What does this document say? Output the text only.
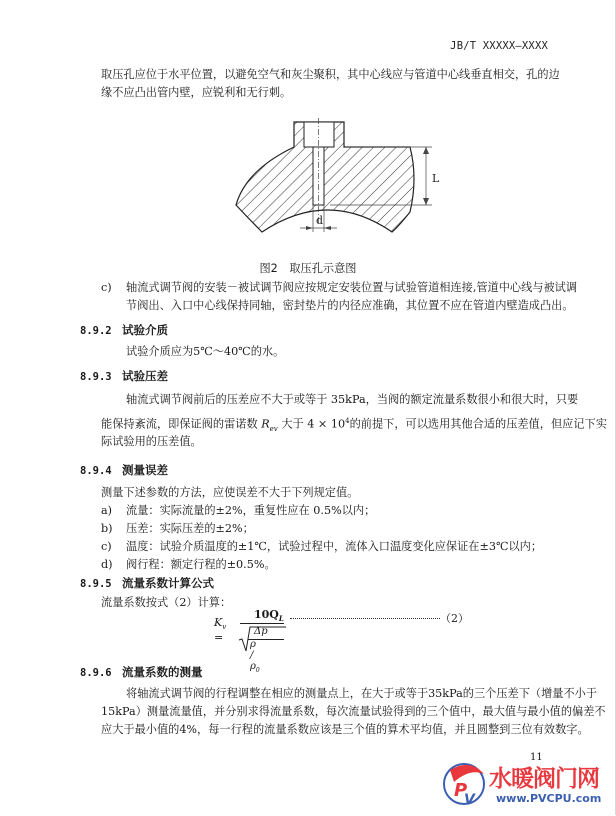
JB/T XXXXX—XXXX
取压孔应位于水平位置，以避免空气和灰尘聚积，其中心线应与管道中心线垂直相交，孔的边
缘不应凸出管内壁，应锐利和无行刺。
L
d
图2 取压孔示意图
c) 轴流式调节阀的安装－被试调节阀应按规定安装位置与试验管道相连接,管道中心线与被试调
节阀出、入口中心线保持同轴，密封垫片的内径应准确，其位置不应在管道内壁造成凸出。
8.9.2 试验介质
试验介质应为5℃～40℃的水。
8.9.3 试验压差
轴流式调节阀前后的压差应不大于或等于 35kPa，当阀的额定流量系数很小和很大时，只要
能保持紊流，即保证阀的雷诺数 $R_{ev}$ 大于 $4 \times 10^4$的前提下，可以选用其他合适的压差值，但应记下实
际试验用的压差值。
8.9.4 测量误差
测量下述参数的方法，应使误差不大于下列规定值。
a) 流量：实际流量的±2%，重复性应在 0.5%以内；
b) 压差：实际压差的±2%；
c) 温度：试验介质温度的±1℃，试验过程中，流体入口温度变化应保证在±3℃以内；
d) 阀行程：额定行程的±0.5%。
8.9.5 流量系数计算公式
流量系数按式（2）计算：
$K_v$ =
$10Q_L$
Δp
ρ / $\rho_0$
（2）
8.9.6 流量系数的测量
将轴流式调节阀的行程调整在相应的测量点上，在大于或等于35kPa的三个压差下（增量不小于
15kPa）测量流量值，并分别求得流量系数，每次流量试验得到的三个值中，最大值与最小值的偏差不
应大于最小值的4%，每一行程的流量系数应该是三个值的算术平均值，并且圆整到三位有效数字。
11
P
V
水暖阀门网
www.PVCPU.com
